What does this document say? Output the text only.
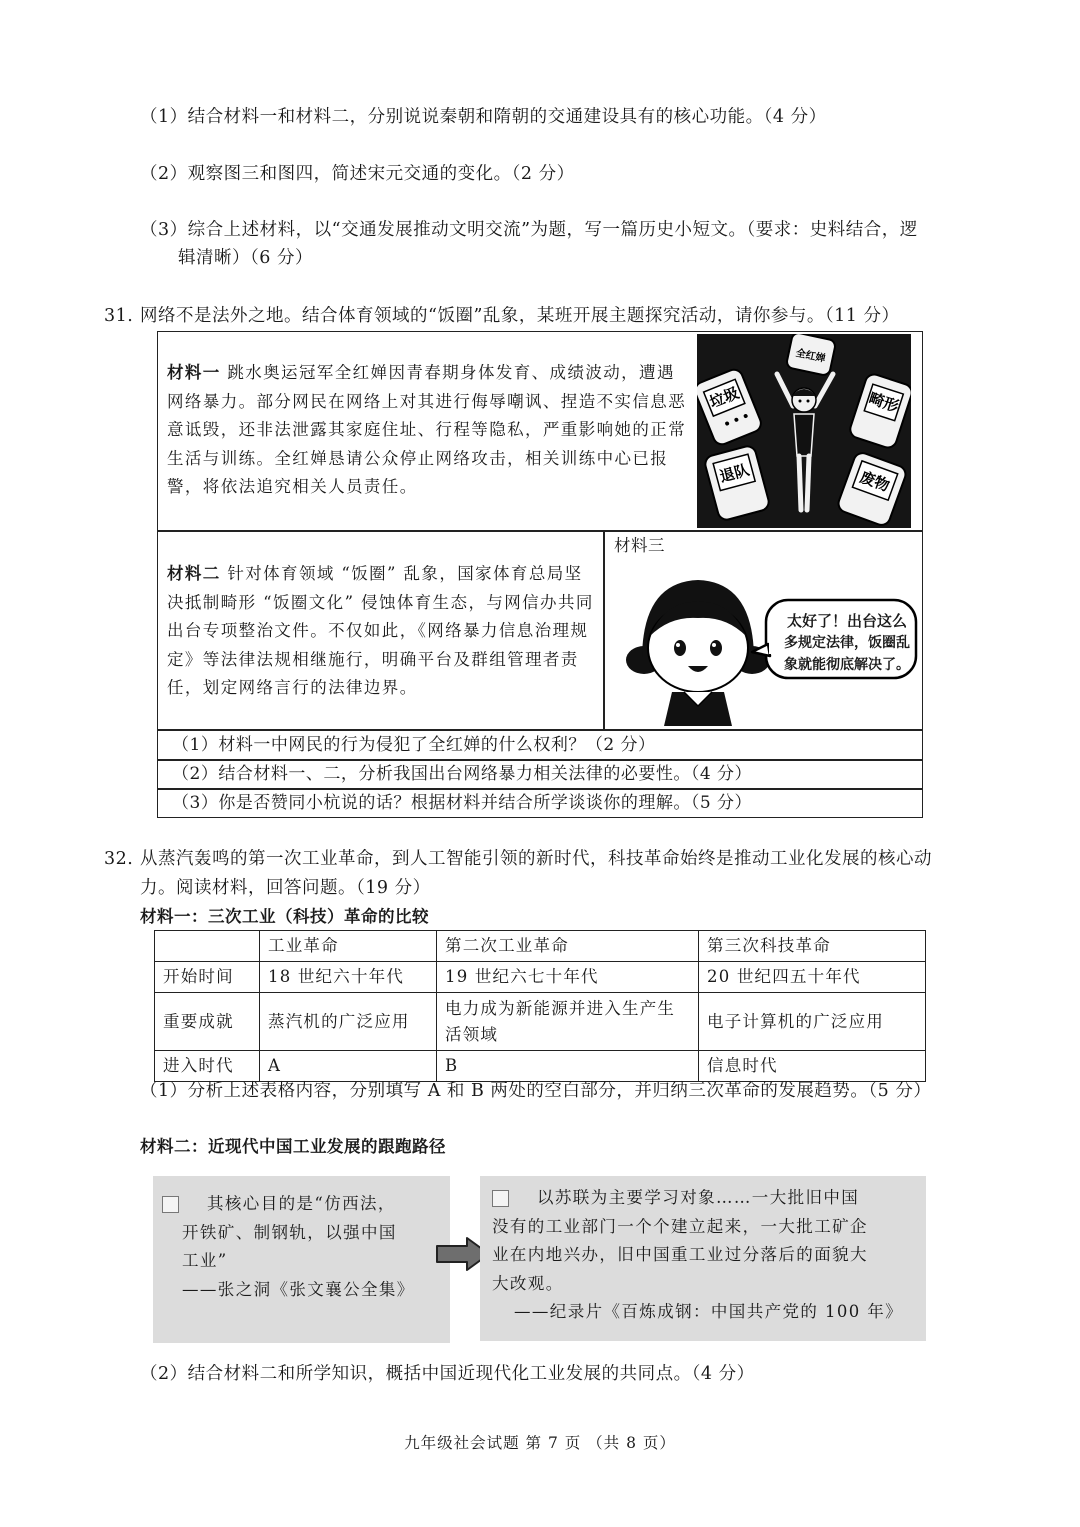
（1）结合材料一和材料二，分别说说秦朝和隋朝的交通建设具有的核心功能。（4 分）
（2）观察图三和图四，简述宋元交通的变化。（2 分）
（3）综合上述材料，以“交通发展推动文明交流”为题，写一篇历史小短文。（要求：史料结合，逻
辑清晰）（6 分）
31. 网络不是法外之地。结合体育领域的“饭圈”乱象，某班开展主题探究活动，请你参与。（11 分）
材料一 跳水奥运冠军全红婵因青春期身体发育、成绩波动，遭遇网络暴力。部分网民在网络上对其进行侮辱嘲讽、捏造不实信息恶意诋毁，还非法泄露其家庭住址、行程等隐私，严重影响她的正常生活与训练。全红婵恳请公众停止网络攻击，相关训练中心已报警，将依法追究相关人员责任。
全红婵
垃圾	畸形
退队	废物
材料二 针对体育领域 “饭圈” 乱象，国家体育总局坚决抵制畸形 “饭圈文化” 侵蚀体育生态，与网信办共同出台专项整治文件。不仅如此，《网络暴力信息治理规定》等法律法规相继施行，明确平台及群组管理者责任，划定网络言行的法律边界。
材料三
太好了！出台这么
多规定法律，饭圈乱
象就能彻底解决了。
（1）材料一中网民的行为侵犯了全红婵的什么权利？（2 分）
（2）结合材料一、二，分析我国出台网络暴力相关法律的必要性。（4 分）
（3）你是否赞同小杭说的话？根据材料并结合所学谈谈你的理解。（5 分）
32. 从蒸汽轰鸣的第一次工业革命，到人工智能引领的新时代，科技革命始终是推动工业化发展的核心动
力。阅读材料，回答问题。（19 分）
材料一：三次工业（科技）革命的比较
	工业革命	第二次工业革命	第三次科技革命
开始时间	18 世纪六十年代	19 世纪六七十年代	20 世纪四五十年代
重要成就	蒸汽机的广泛应用	电力成为新能源并进入生产生活领域	电子计算机的广泛应用
进入时代	A	B	信息时代
（1）分析上述表格内容，分别填写 A 和 B 两处的空白部分，并归纳三次革命的发展趋势。（5 分）
材料二：近现代中国工业发展的跟跑路径
其核心目的是“仿西法，
开铁矿、制钢轨，以强中国
工业”
——张之洞《张文襄公全集》
以苏联为主要学习对象……一大批旧中国
没有的工业部门一个个建立起来，一大批工矿企
业在内地兴办，旧中国重工业过分落后的面貌大
大改观。
——纪录片《百炼成钢：中国共产党的 100 年》
（2）结合材料二和所学知识，概括中国近现代化工业发展的共同点。（4 分）
九年级社会试题 第 7 页 （共 8 页）
